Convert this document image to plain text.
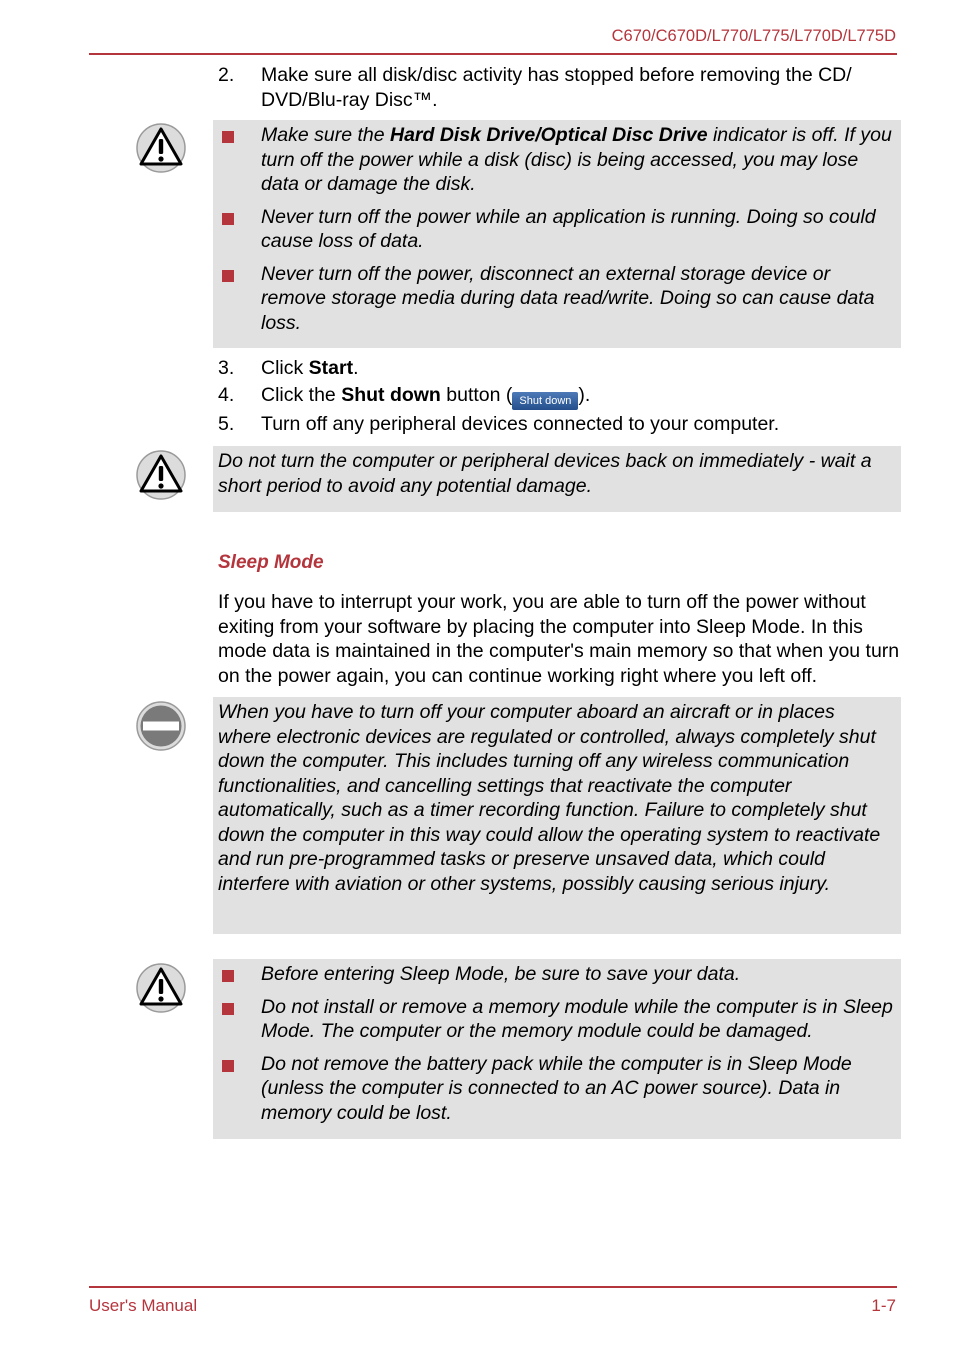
C670/C670D/L770/L775/L770D/L775D
2. Make sure all disk/disc activity has stopped before removing the CD/ DVD/Blu-ray Disc™.
Make sure the Hard Disk Drive/Optical Disc Drive indicator is off. If you turn off the power while a disk (disc) is being accessed, you may lose data or damage the disk.
Never turn off the power while an application is running. Doing so could cause loss of data.
Never turn off the power, disconnect an external storage device or remove storage media during data read/write. Doing so can cause data loss.
3. Click Start.
4. Click the Shut down button ( Shut down ).
5. Turn off any peripheral devices connected to your computer.
Do not turn the computer or peripheral devices back on immediately - wait a short period to avoid any potential damage.
Sleep Mode
If you have to interrupt your work, you are able to turn off the power without exiting from your software by placing the computer into Sleep Mode. In this mode data is maintained in the computer's main memory so that when you turn on the power again, you can continue working right where you left off.
When you have to turn off your computer aboard an aircraft or in places where electronic devices are regulated or controlled, always completely shut down the computer. This includes turning off any wireless communication functionalities, and cancelling settings that reactivate the computer automatically, such as a timer recording function. Failure to completely shut down the computer in this way could allow the operating system to reactivate and run pre-programmed tasks or preserve unsaved data, which could interfere with aviation or other systems, possibly causing serious injury.
Before entering Sleep Mode, be sure to save your data.
Do not install or remove a memory module while the computer is in Sleep Mode. The computer or the memory module could be damaged.
Do not remove the battery pack while the computer is in Sleep Mode (unless the computer is connected to an AC power source). Data in memory could be lost.
User's Manual	1-7
